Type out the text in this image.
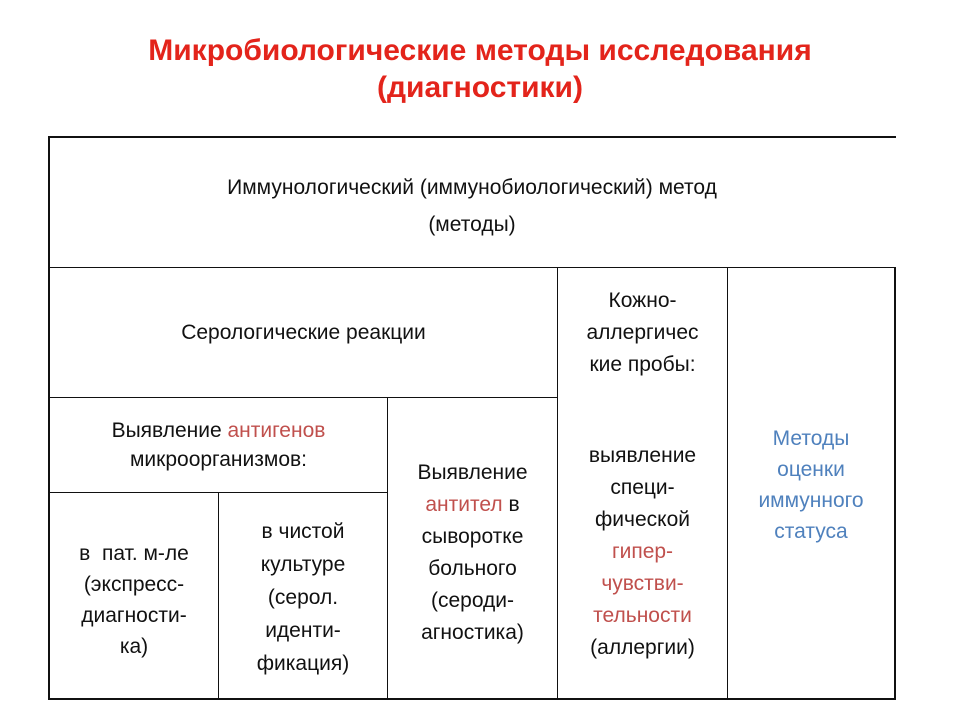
Микробиологические методы исследования
(диагностики)
Иммунологический (иммунобиологический) метод
(методы)
Серологические реакции
Кожно-
аллергичес
кие пробы:
Методы
оценки
иммунного
статуса
Выявление антигенов
микроорганизмов:
Выявление
антител в
сыворотке
больного
(сероди-
агностика)
выявление
специ-
фической
гипер-
чувстви-
тельности
(аллергии)
в  пат. м-ле
(экспресс-
диагности-
ка)
в чистой
культуре
(серол.
иденти-
фикация)
